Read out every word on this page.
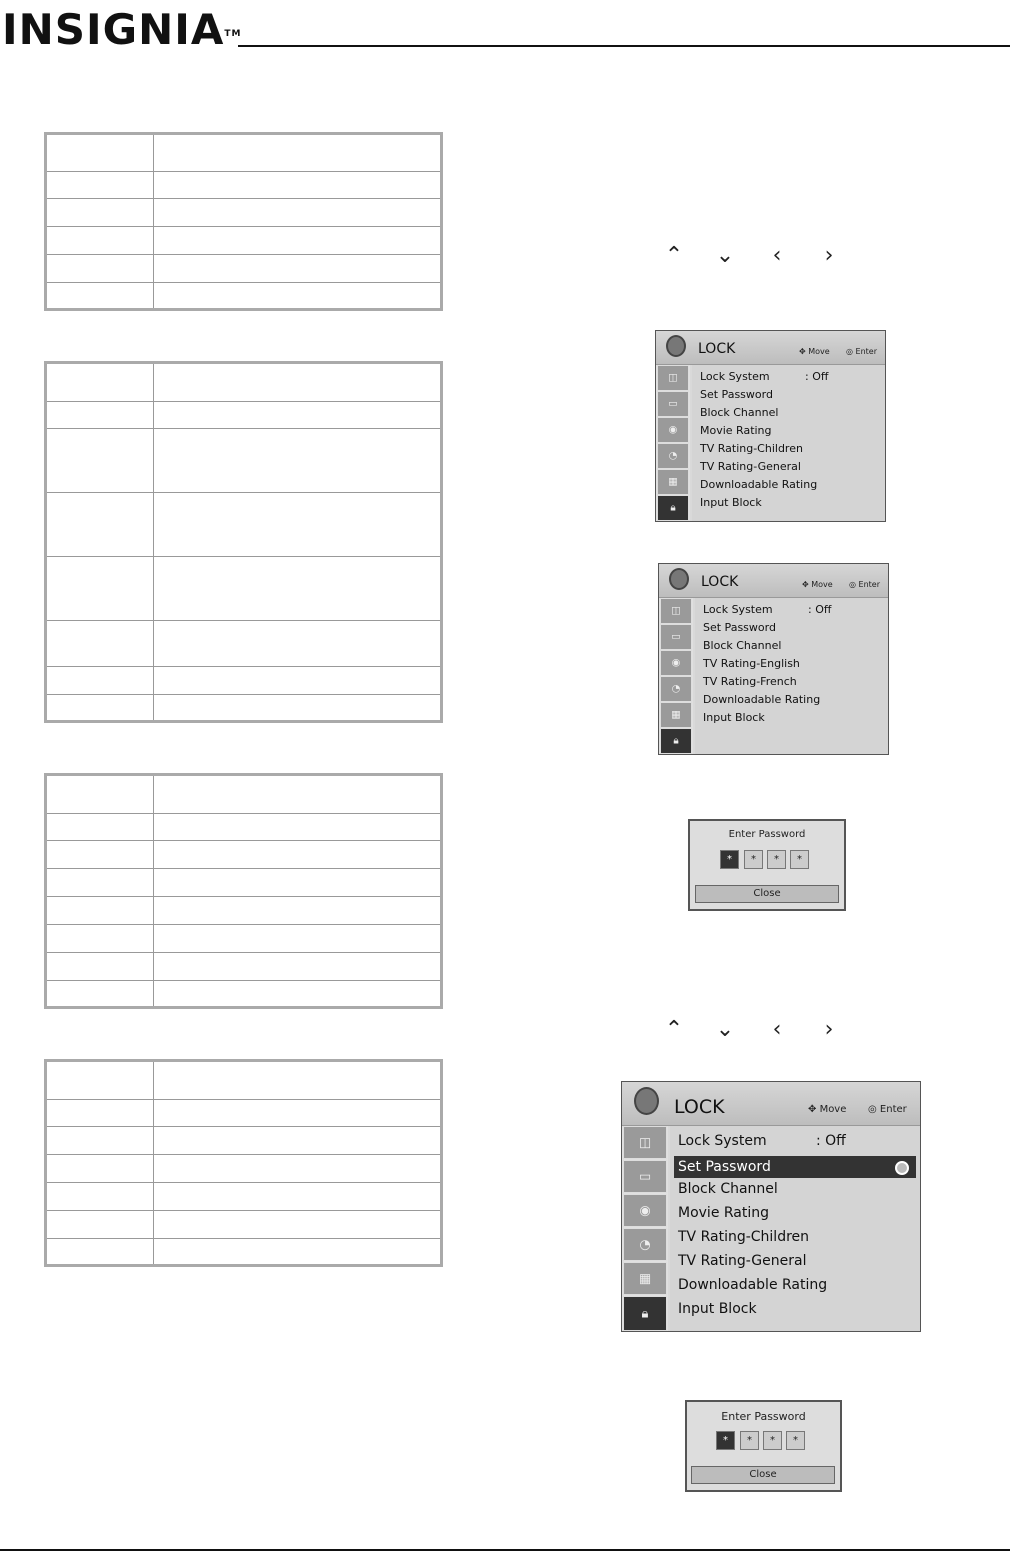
INSIGNIA™

⌃ ⌄	‹	›
LOCK	✥ Move ◎ Enter
◫
▭
◉
◔
▦
🔒︎
Lock System	: Off
Set Password
Block Channel
Movie Rating
TV Rating-Children
TV Rating-General
Downloadable Rating
Input Block
LOCK	✥ Move ◎ Enter
◫
▭
◉
◔
▦
🔒︎
Lock System	: Off
Set Password
Block Channel
TV Rating-English
TV Rating-French
Downloadable Rating
Input Block
Enter Password
*	*	*	*
Close
⌃ ⌄	‹	›
LOCK	✥ Move ◎ Enter
◫
▭
◉
◔
▦
🔒︎
Lock System	: Off
Set Password
Block Channel
Movie Rating
TV Rating-Children
TV Rating-General
Downloadable Rating
Input Block
Enter Password
*	*	*	*
Close
